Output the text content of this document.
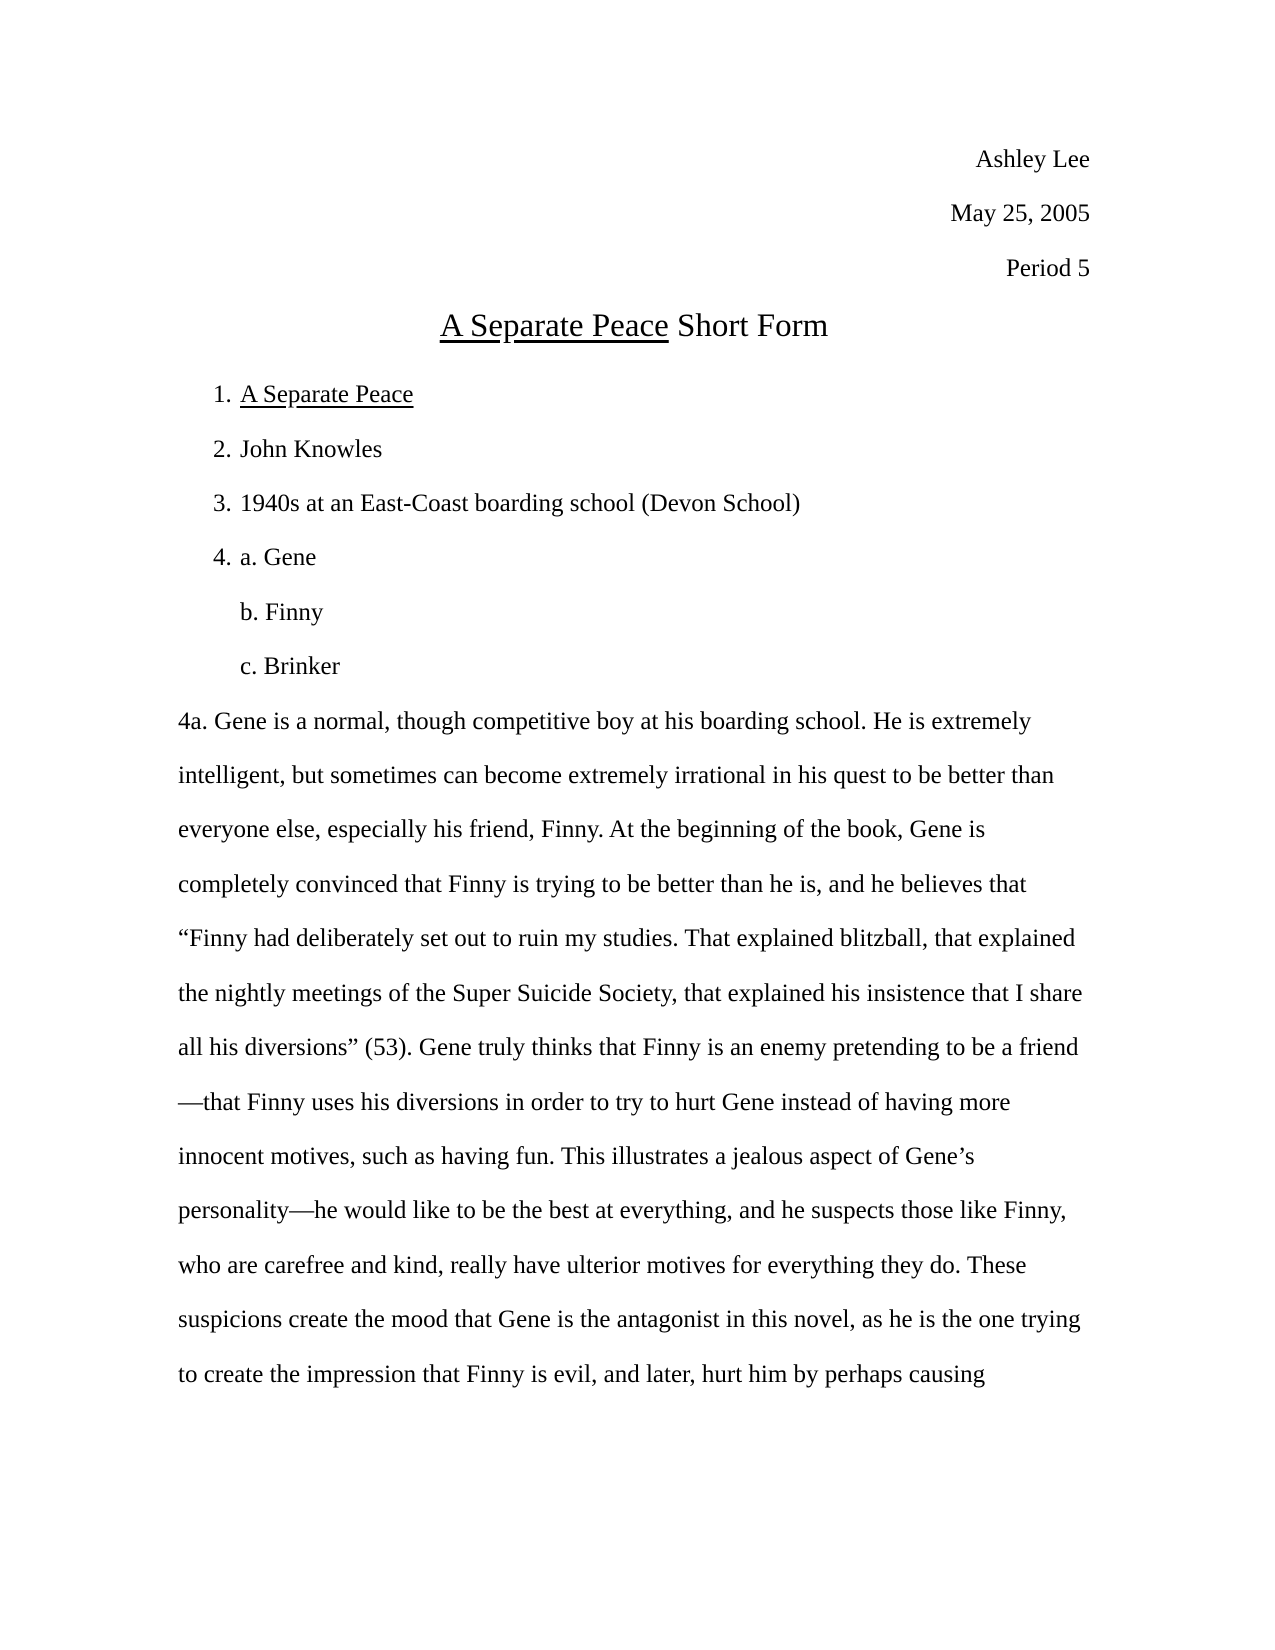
Ashley Lee
May 25, 2005
Period 5
A Separate Peace Short Form
1. A Separate Peace
2. John Knowles
3. 1940s at an East-Coast boarding school (Devon School)
4. a. Gene
b. Finny
c. Brinker

4a. Gene is a normal, though competitive boy at his boarding school. He is extremely intelligent, but sometimes can become extremely irrational in his quest to be better than everyone else, especially his friend, Finny. At the beginning of the book, Gene is completely convinced that Finny is trying to be better than he is, and he believes that “Finny had deliberately set out to ruin my studies. That explained blitzball, that explained the nightly meetings of the Super Suicide Society, that explained his insistence that I share all his diversions” (53). Gene truly thinks that Finny is an enemy pretending to be a friend—that Finny uses his diversions in order to try to hurt Gene instead of having more innocent motives, such as having fun. This illustrates a jealous aspect of Gene’s personality—he would like to be the best at everything, and he suspects those like Finny, who are carefree and kind, really have ulterior motives for everything they do. These suspicions create the mood that Gene is the antagonist in this novel, as he is the one trying to create the impression that Finny is evil, and later, hurt him by perhaps causing
